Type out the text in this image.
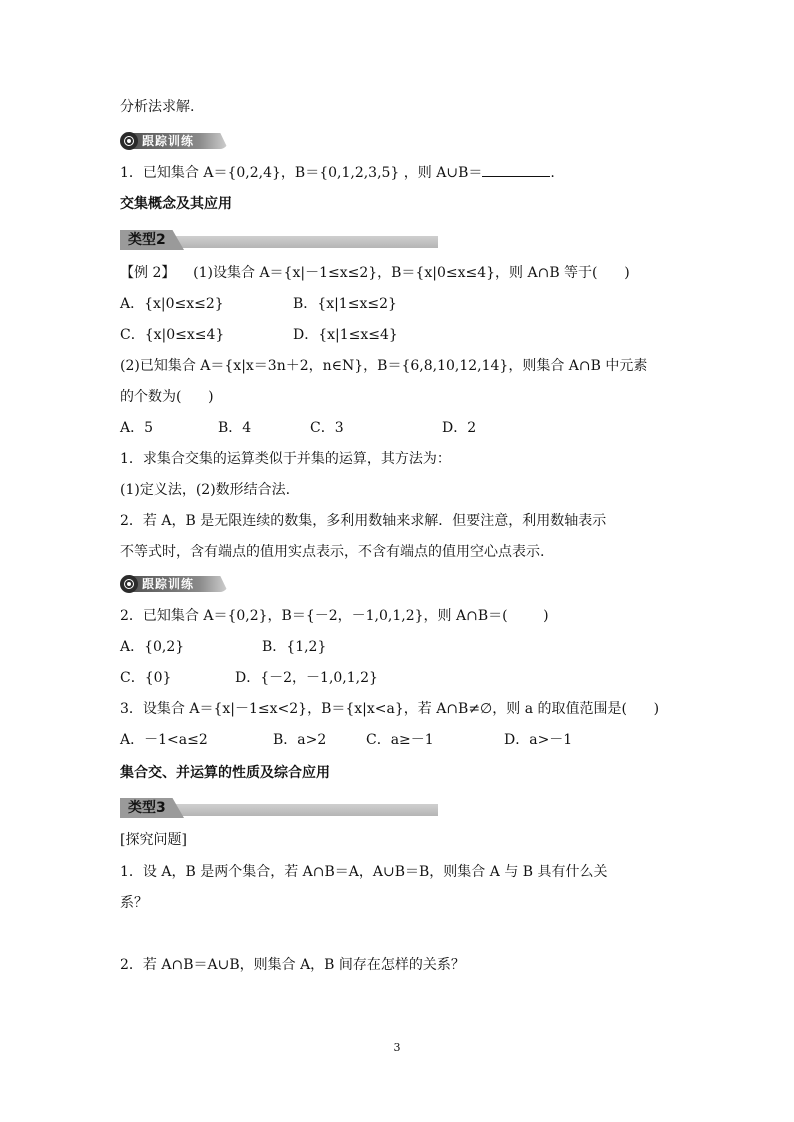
分析法求解.
跟踪训练
1．已知集合 A＝{0,2,4}，B＝{0,1,2,3,5} ，则 A∪B＝	.
交集概念及其应用
类型2
【例 2】    (1)设集合 A＝{x|－1≤x≤2}，B＝{x|0≤x≤4}，则 A∩B 等于(      )
A．{x|0≤x≤2}	B．{x|1≤x≤2}
C．{x|0≤x≤4}	D．{x|1≤x≤4}
(2)已知集合 A＝{x|x＝3n＋2，n∈N}，B＝{6,8,10,12,14}，则集合 A∩B 中元素
的个数为(      )
A．5	B．4	C．3	D．2
1．求集合交集的运算类似于并集的运算，其方法为：
(1)定义法，(2)数形结合法.
2．若 A，B 是无限连续的数集，多利用数轴来求解．但要注意，利用数轴表示
不等式时，含有端点的值用实点表示，不含有端点的值用空心点表示.
跟踪训练
2．已知集合 A＝{0,2}，B＝{－2，－1,0,1,2}，则 A∩B＝(        )
A．{0,2}	B．{1,2}
C．{0}	D．{－2，－1,0,1,2}
3．设集合 A＝{x|－1≤x<2}，B＝{x|x<a}，若 A∩B≠∅，则 a 的取值范围是(      )
A．－1<a≤2	B．a>2	C．a≥－1	D．a>－1
集合交、并运算的性质及综合应用
类型3
[探究问题]
1．设 A，B 是两个集合，若 A∩B＝A，A∪B＝B，则集合 A 与 B 具有什么关
系？
2．若 A∩B＝A∪B，则集合 A，B 间存在怎样的关系？
3
